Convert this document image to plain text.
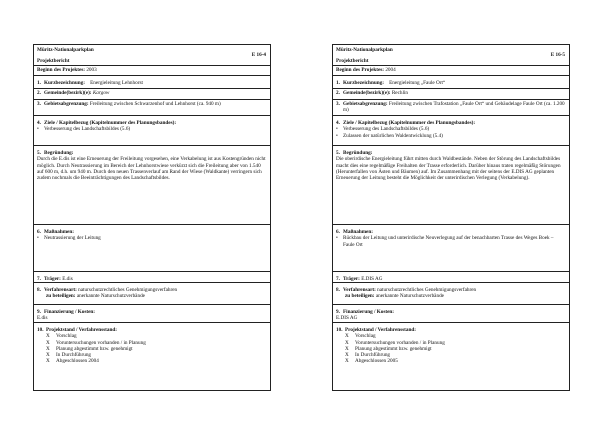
Müritz-Nationalparkplan
E 16-4
Projektbericht
Beginn des Projektes: 2003
1. Kurzbezeichnung:
Energieleitung Lehnhorst
2. Gemeinde(bezirk)(e):
Kargow
3. Gebietsabgrenzung: Freileitung zwischen Schwarzenhof und Lehnhorst (ca. 940 m)
4. Ziele / Kapitelbezug (Kapitelnummer des Planungsbandes):
• Verbesserung des Landschaftsbildes (5.6)
5. Begründung:
Durch die E.dis ist eine Erneuerung der Freileitung vorgesehen, eine Verkabelung ist aus Kostengründen nicht möglich. Durch Neutrassierung im Bereich der Lehnhorstwiese verkürzt sich die Freileitung aber von 1.540 auf 600 m, d.h. um 940 m. Durch den neuen Trassenverlauf am Rand der Wiese (Waldkante) verringern sich zudem nochmals die Beeinträchtigungen des Landschaftsbildes.
6. Maßnahmen:
• Neutrassierung der Leitung
7. Träger:
E.dis
8. Verfahrensart:
naturschutzrechtliches Genehmigungsverfahren
zu beteiligen: anerkannte Naturschutzverbände
9. Finanzierung / Kosten:
E.dis
10. Projektstand / Verfahrensstand:
X	Vorschlag
X	Voruntersuchungen vorhanden / in Planung
X	Planung abgestimmt bzw. genehmigt
X	In Durchführung
X	Abgeschlossen 2004
Müritz-Nationalparkplan
E 16-5
Projektbericht
Beginn des Projektes: 2004
1. Kurzbezeichnung:
Energieleitung „Faule Ort“
2. Gemeinde(bezirk)(e):
Rechlin
3. Gebietsabgrenzung: Freileitung zwischen Trafostation „Faule Ort“ und Gebäudelage Faule Ort (ca. 1.200 m)
4. Ziele / Kapitelbezug (Kapitelnummer des Planungsbandes):
• Verbesserung des Landschaftsbildes (5.6)
• Zulassen der natürlichen Waldentwicklung (5.4)
5. Begründung:
Die oberirdische Energieleitung führt mitten durch Waldbestände. Neben der Störung des Landschaftsbildes macht dies eine regelmäßige Freihalten der Trasse erforderlich. Darüber hinaus traten regelmäßig Störungen (Herunterfallen von Ästen und Bäumen) auf. Im Zusammenhang mit der seitens der E.DIS AG geplanten Erneuerung der Leitung besteht die Möglichkeit der unterirdischen Verlegung (Verkabelung).
6. Maßnahmen:
• Rückbau der Leitung und unterirdische Neuverlegung auf der benachbarten Trasse des Weges Boek – Faule Ort
7. Träger:
E.DIS AG
8. Verfahrensart:
naturschutzrechtliches Genehmigungsverfahren
zu beteiligen: anerkannte Naturschutzverbände
9. Finanzierung / Kosten:
E.DIS AG
10. Projektstand / Verfahrensstand:
X	Vorschlag
X	Voruntersuchungen vorhanden / in Planung
X	Planung abgestimmt bzw. genehmigt
X	In Durchführung
X	Abgeschlossen 2005
